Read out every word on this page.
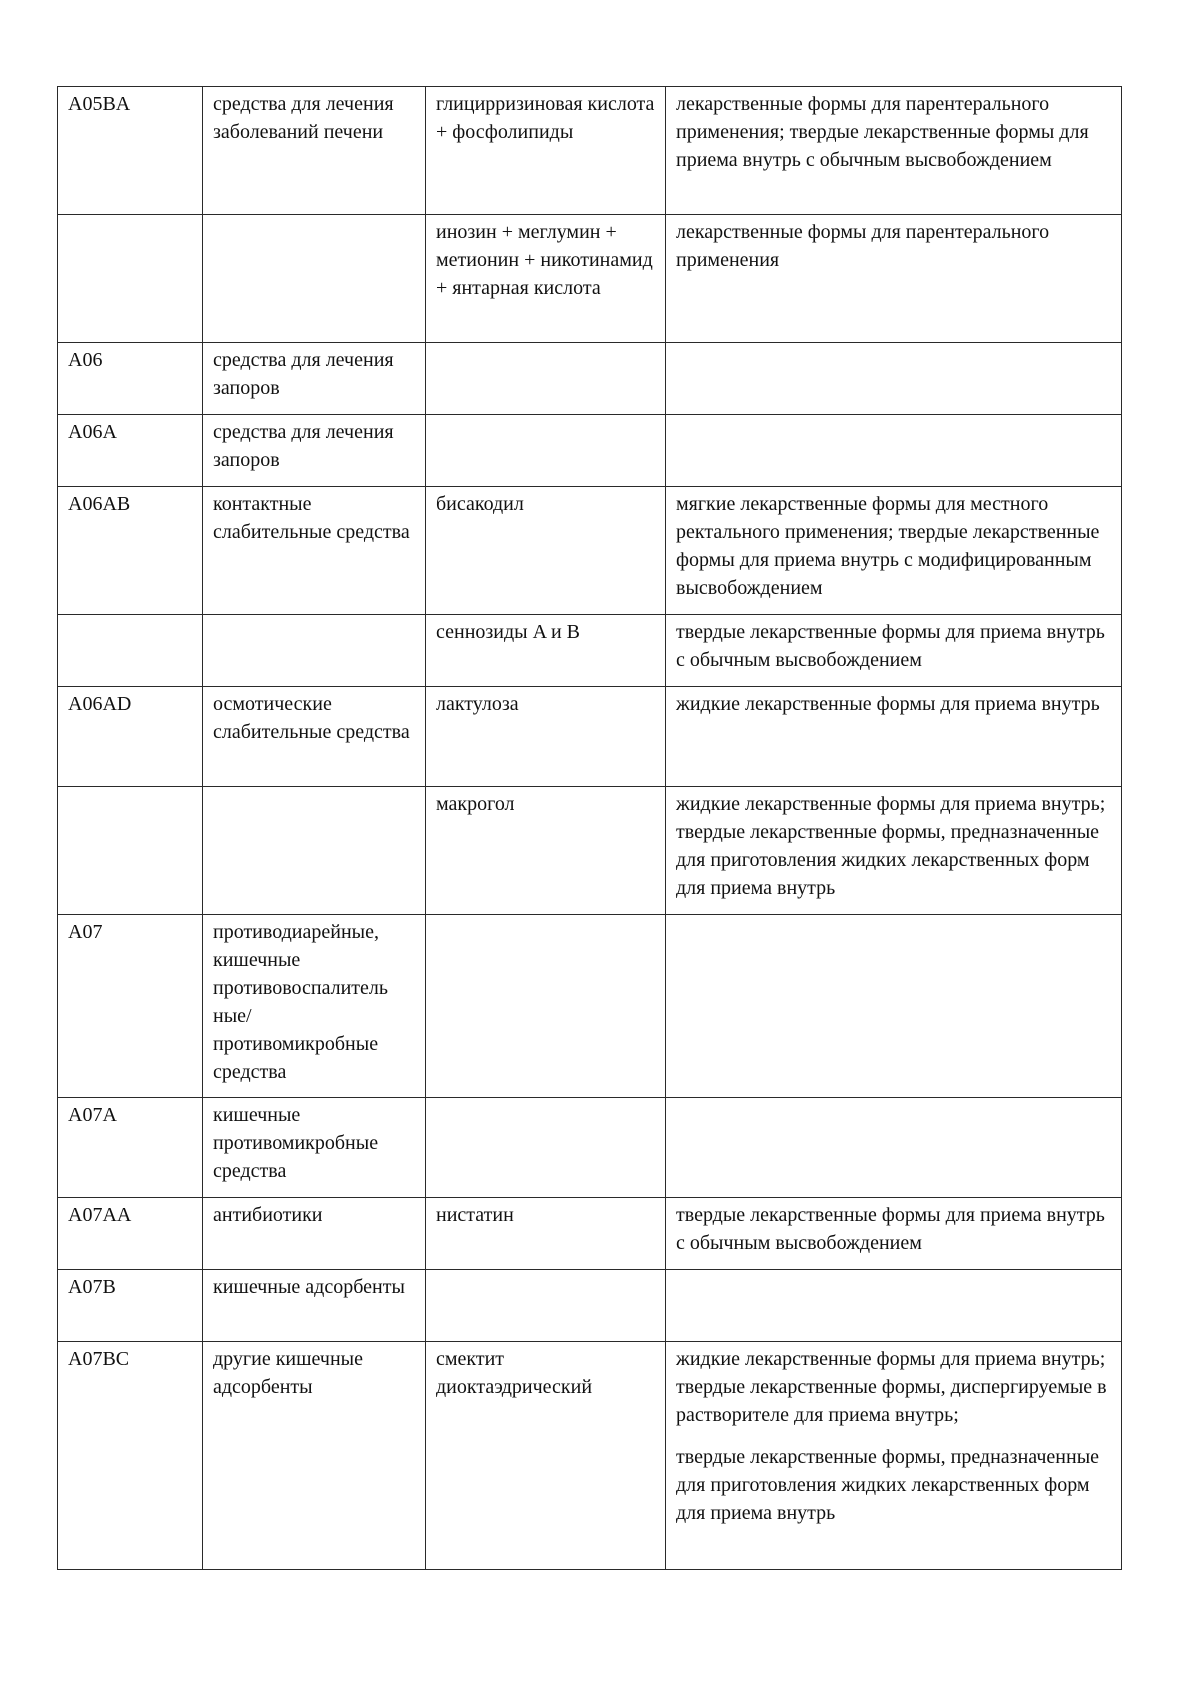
A05BA	средства для лечения заболеваний печени	глицирризиновая кислота + фосфолипиды	лекарственные формы для парентерального применения; твердые лекарственные формы для приема внутрь с обычным высвобождением

		инозин + меглумин + метионин + никотинамид + янтарная кислота	лекарственные формы для парентерального применения

A06	средства для лечения запоров		
A06A	средства для лечения запоров		
A06AB	контактные слабительные средства	бисакодил	мягкие лекарственные формы для местного ректального применения; твердые лекарственные формы для приема внутрь с модифицированным высвобождением

		сеннозиды A и B	твердые лекарственные формы для приема внутрь с обычным высвобождением

A06AD	осмотические слабительные средства	лактулоза	жидкие лекарственные формы для приема внутрь

		макрогол	жидкие лекарственные формы для приема внутрь; твердые лекарственные формы, предназначенные для приготовления жидких лекарственных форм для приема внутрь

A07	противодиарейные, кишечные противовоспалитель ные/ противомикробные средства		
A07A	кишечные противомикробные средства		
A07AA	антибиотики	нистатин	твердые лекарственные формы для приема внутрь с обычным высвобождением

A07B	кишечные адсорбенты		
A07BC	другие кишечные адсорбенты	смектит диоктаэдрический	жидкие лекарственные формы для приема внутрь; твердые лекарственные формы, диспергируемые в растворителе для приема внутрь;
твердые лекарственные формы, предназначенные для приготовления жидких лекарственных форм для приема внутрь
